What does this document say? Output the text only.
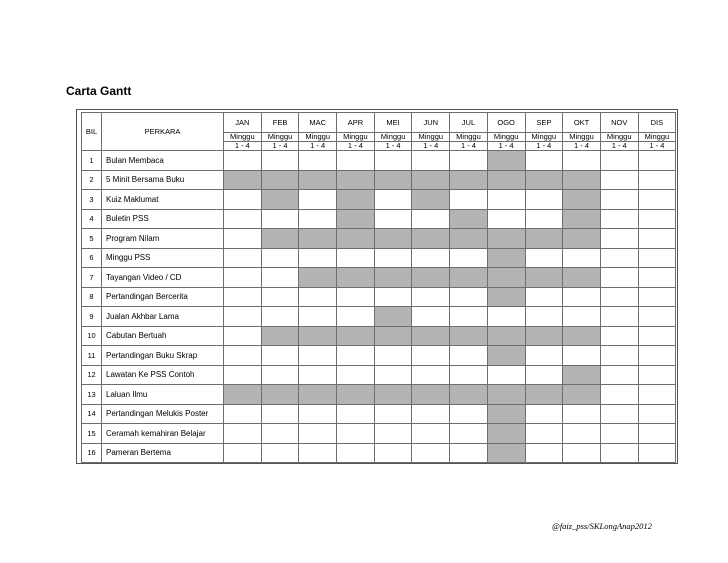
Carta Gantt
BIL	PERKARA	JAN	FEB	MAC	APR	MEI	JUN	JUL	OGO	SEP	OKT	NOV	DIS
		Minggu	Minggu	Minggu	Minggu	Minggu	Minggu	Minggu	Minggu	Minggu	Minggu	Minggu	Minggu
		1 - 4	1 - 4	1 - 4	1 - 4	1 - 4	1 - 4	1 - 4	1 - 4	1 - 4	1 - 4	1 - 4	1 - 4
1	Bulan Membaca												
2	5 Minit Bersama Buku												
3	Kuiz Maklumat												
4	Buletin PSS												
5	Program Nilam												
6	Minggu PSS												
7	Tayangan Video / CD												
8	Pertandingan Bercerita												
9	Jualan Akhbar Lama												
10	Cabutan Bertuah												
11	Pertandingan Buku Skrap												
12	Lawatan Ke PSS Contoh												
13	Laluan Ilmu												
14	Pertandingan Melukis Poster												
15	Ceramah kemahiran Belajar												
16	Pameran Bertema												
@faiz_pss/SKLongAnap2012
